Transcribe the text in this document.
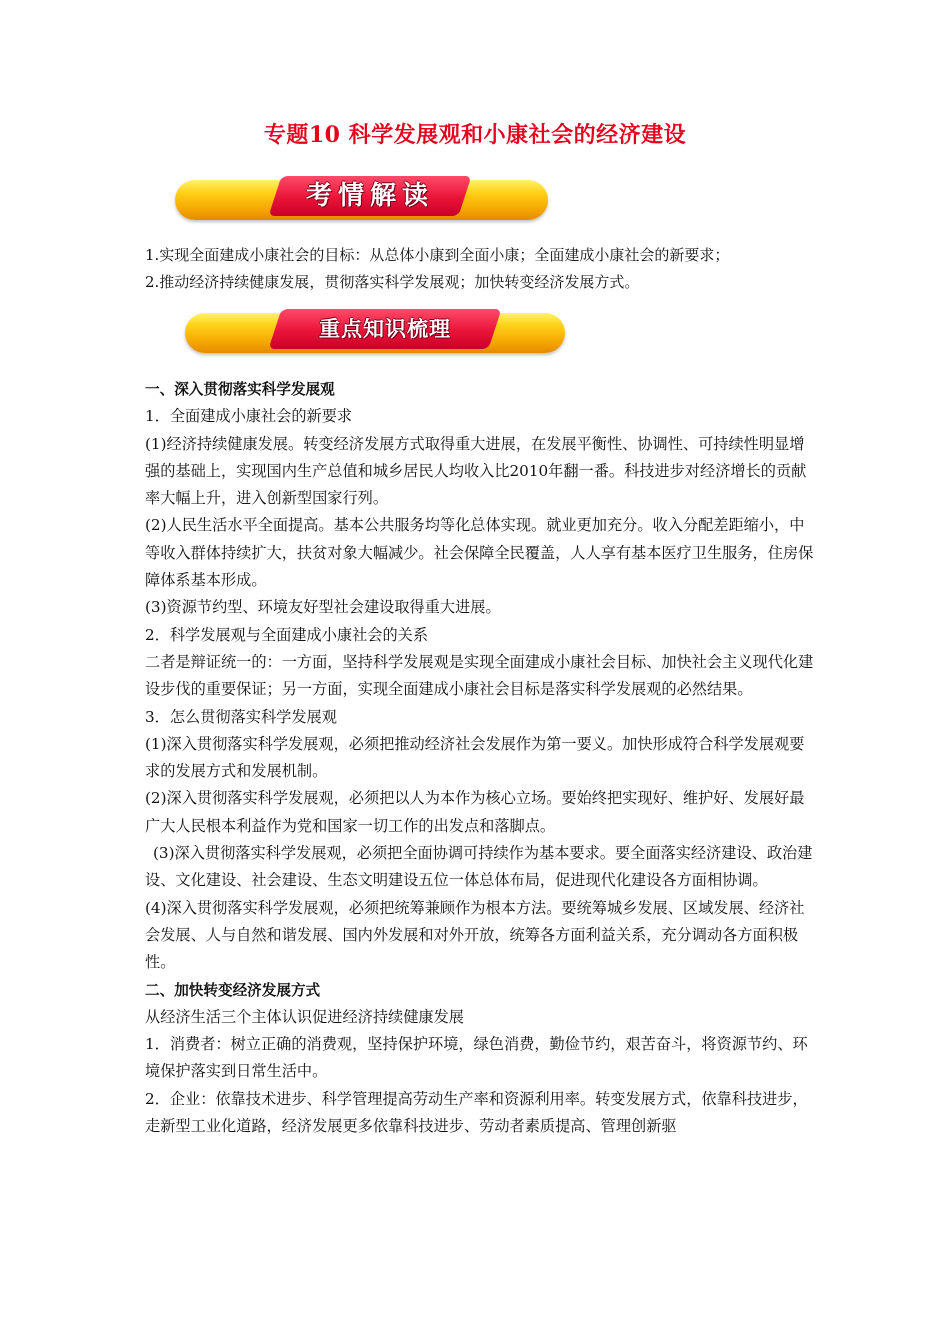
专题10 科学发展观和小康社会的经济建设
考情解读

1.实现全面建成小康社会的目标：从总体小康到全面小康；全面建成小康社会的新要求；

2.推动经济持续健康发展，贯彻落实科学发展观；加快转变经济发展方式。

重点知识梳理

一、深入贯彻落实科学发展观

1．全面建成小康社会的新要求

(1)经济持续健康发展。转变经济发展方式取得重大进展，在发展平衡性、协调性、可持续性明显增强的基础上，实现国内生产总值和城乡居民人均收入比2010年翻一番。科技进步对经济增长的贡献率大幅上升，进入创新型国家行列。

(2)人民生活水平全面提高。基本公共服务均等化总体实现。就业更加充分。收入分配差距缩小，中等收入群体持续扩大，扶贫对象大幅减少。社会保障全民覆盖，人人享有基本医疗卫生服务，住房保障体系基本形成。

(3)资源节约型、环境友好型社会建设取得重大进展。

2．科学发展观与全面建成小康社会的关系

二者是辩证统一的：一方面，坚持科学发展观是实现全面建成小康社会目标、加快社会主义现代化建设步伐的重要保证；另一方面，实现全面建成小康社会目标是落实科学发展观的必然结果。

3．怎么贯彻落实科学发展观

(1)深入贯彻落实科学发展观，必须把推动经济社会发展作为第一要义。加快形成符合科学发展观要求的发展方式和发展机制。

(2)深入贯彻落实科学发展观，必须把以人为本作为核心立场。要始终把实现好、维护好、发展好最广大人民根本利益作为党和国家一切工作的出发点和落脚点。

(3)深入贯彻落实科学发展观，必须把全面协调可持续作为基本要求。要全面落实经济建设、政治建设、文化建设、社会建设、生态文明建设五位一体总体布局，促进现代化建设各方面相协调。

(4)深入贯彻落实科学发展观，必须把统筹兼顾作为根本方法。要统筹城乡发展、区域发展、经济社会发展、人与自然和谐发展、国内外发展和对外开放，统筹各方面利益关系，充分调动各方面积极性。

二、加快转变经济发展方式

从经济生活三个主体认识促进经济持续健康发展

1．消费者：树立正确的消费观，坚持保护环境，绿色消费，勤俭节约，艰苦奋斗，将资源节约、环境保护落实到日常生活中。

2．企业：依靠技术进步、科学管理提高劳动生产率和资源利用率。转变发展方式，依靠科技进步，走新型工业化道路，经济发展更多依靠科技进步、劳动者素质提高、管理创新驱
